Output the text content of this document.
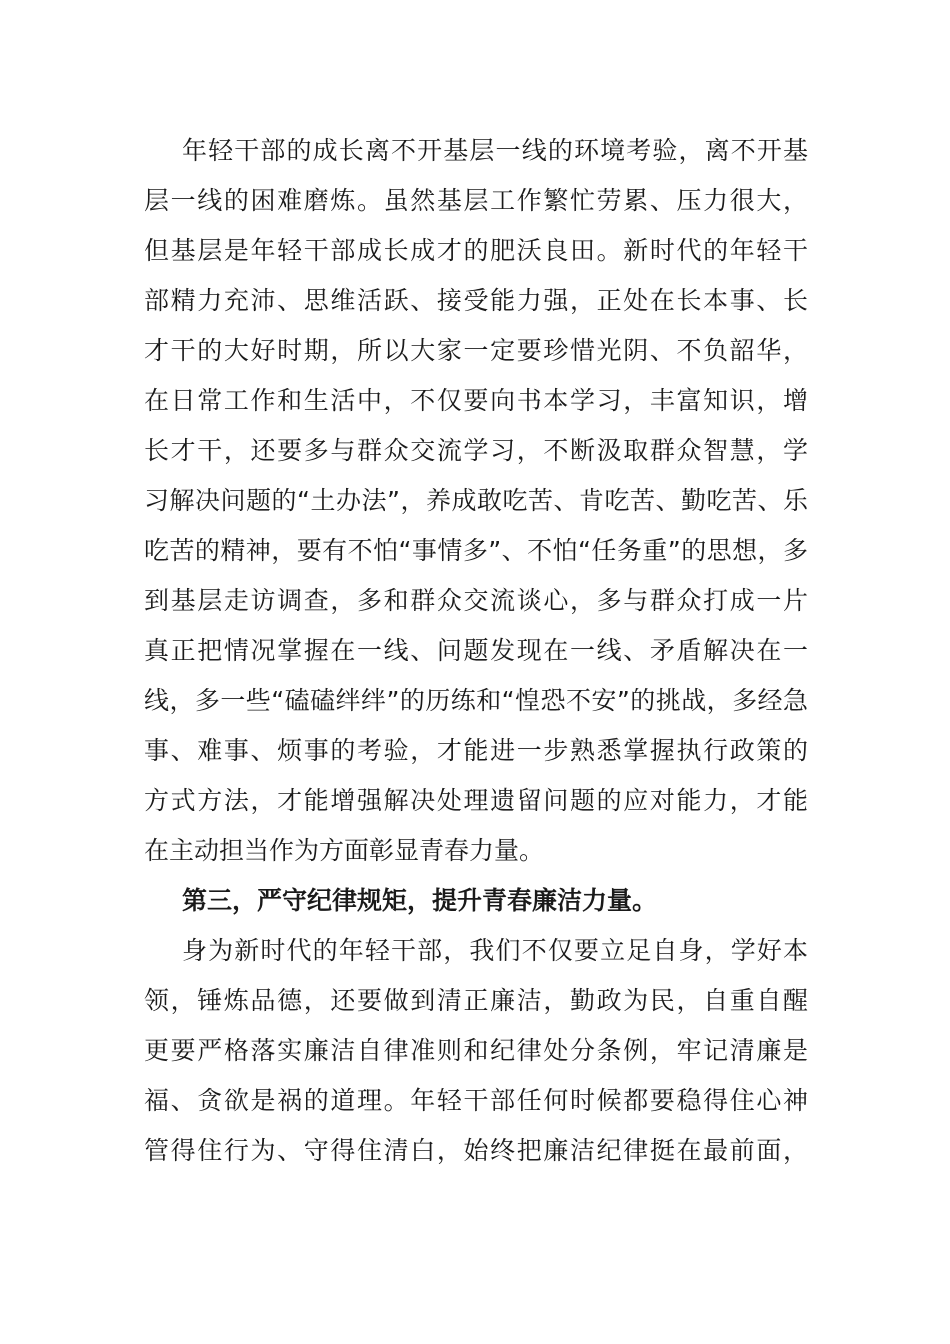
年轻干部的成长离不开基层一线的环境考验，离不开基
层一线的困难磨炼。虽然基层工作繁忙劳累、压力很大，
但基层是年轻干部成长成才的肥沃良田。新时代的年轻干
部精力充沛、思维活跃、接受能力强，正处在长本事、长
才干的大好时期，所以大家一定要珍惜光阴、不负韶华，
在日常工作和生活中，不仅要向书本学习，丰富知识，增
长才干，还要多与群众交流学习，不断汲取群众智慧，学
习解决问题的“土办法”，养成敢吃苦、肯吃苦、勤吃苦、乐
吃苦的精神，要有不怕“事情多”、不怕“任务重”的思想，多
到基层走访调查，多和群众交流谈心，多与群众打成一片
真正把情况掌握在一线、问题发现在一线、矛盾解决在一
线，多一些“磕磕绊绊”的历练和“惶恐不安”的挑战，多经急
事、难事、烦事的考验，才能进一步熟悉掌握执行政策的
方式方法，才能增强解决处理遗留问题的应对能力，才能
在主动担当作为方面彰显青春力量。
第三，严守纪律规矩，提升青春廉洁力量。
身为新时代的年轻干部，我们不仅要立足自身，学好本
领，锤炼品德，还要做到清正廉洁，勤政为民，自重自醒
更要严格落实廉洁自律准则和纪律处分条例，牢记清廉是
福、贪欲是祸的道理。年轻干部任何时候都要稳得住心神
管得住行为、守得住清白，始终把廉洁纪律挺在最前面，
